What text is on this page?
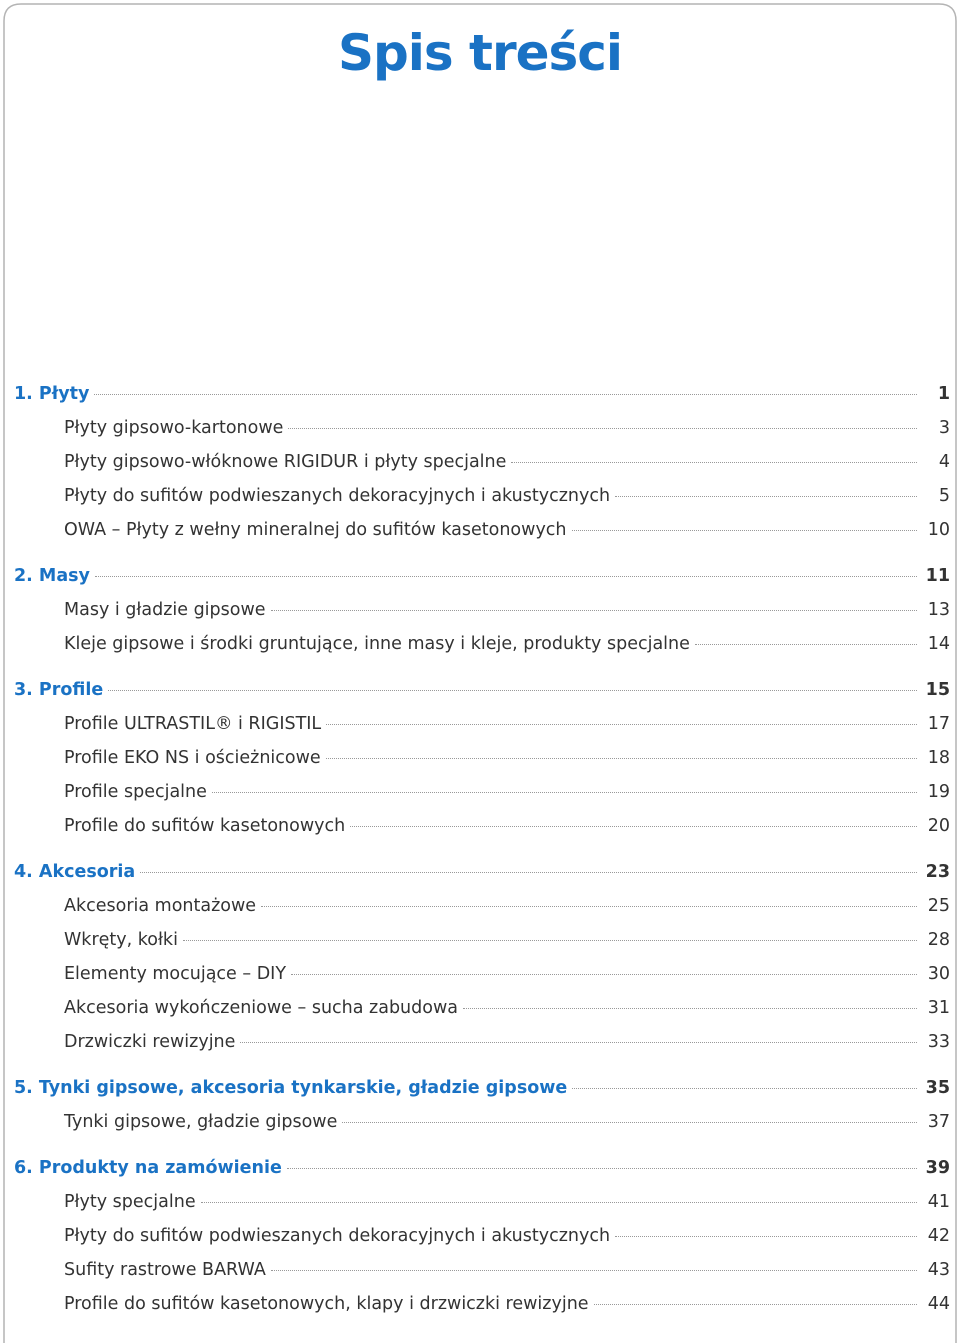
Spis treści
1. Płyty	1
Płyty gipsowo-kartonowe	3
Płyty gipsowo-włóknowe RIGIDUR i płyty specjalne	4
Płyty do sufitów podwieszanych dekoracyjnych i akustycznych	5
OWA – Płyty z wełny mineralnej do sufitów kasetonowych	10
2. Masy	11
Masy i gładzie gipsowe	13
Kleje gipsowe i środki gruntujące, inne masy i kleje, produkty specjalne	14
3. Profile	15
Profile ULTRASTIL® i RIGISTIL	17
Profile EKO NS i ościeżnicowe	18
Profile specjalne	19
Profile do sufitów kasetonowych	20
4. Akcesoria	23
Akcesoria montażowe	25
Wkręty, kołki	28
Elementy mocujące – DIY	30
Akcesoria wykończeniowe – sucha zabudowa	31
Drzwiczki rewizyjne	33
5. Tynki gipsowe, akcesoria tynkarskie, gładzie gipsowe	35
Tynki gipsowe, gładzie gipsowe	37
6. Produkty na zamówienie	39
Płyty specjalne	41
Płyty do sufitów podwieszanych dekoracyjnych i akustycznych	42
Sufity rastrowe BARWA	43
Profile do sufitów kasetonowych, klapy i drzwiczki rewizyjne	44
